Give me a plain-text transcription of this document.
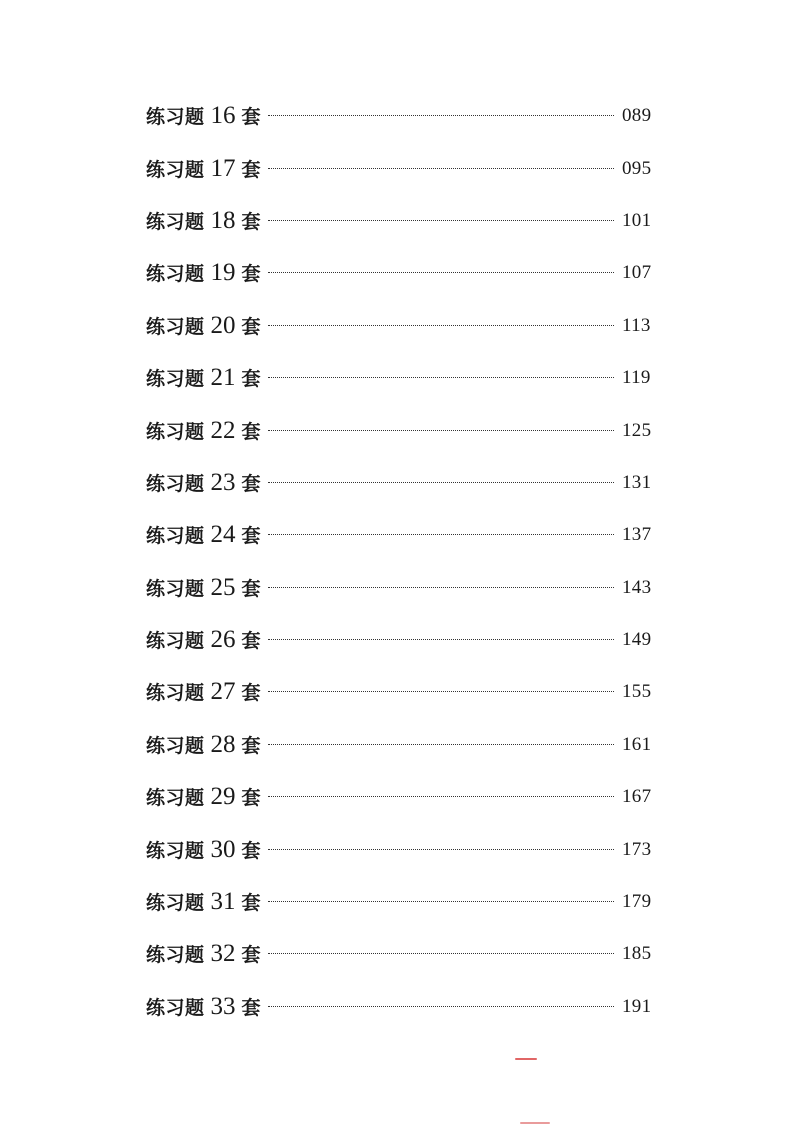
练习题 16 套	089
练习题 17 套	095
练习题 18 套	101
练习题 19 套	107
练习题 20 套	113
练习题 21 套	119
练习题 22 套	125
练习题 23 套	131
练习题 24 套	137
练习题 25 套	143
练习题 26 套	149
练习题 27 套	155
练习题 28 套	161
练习题 29 套	167
练习题 30 套	173
练习题 31 套	179
练习题 32 套	185
练习题 33 套	191
